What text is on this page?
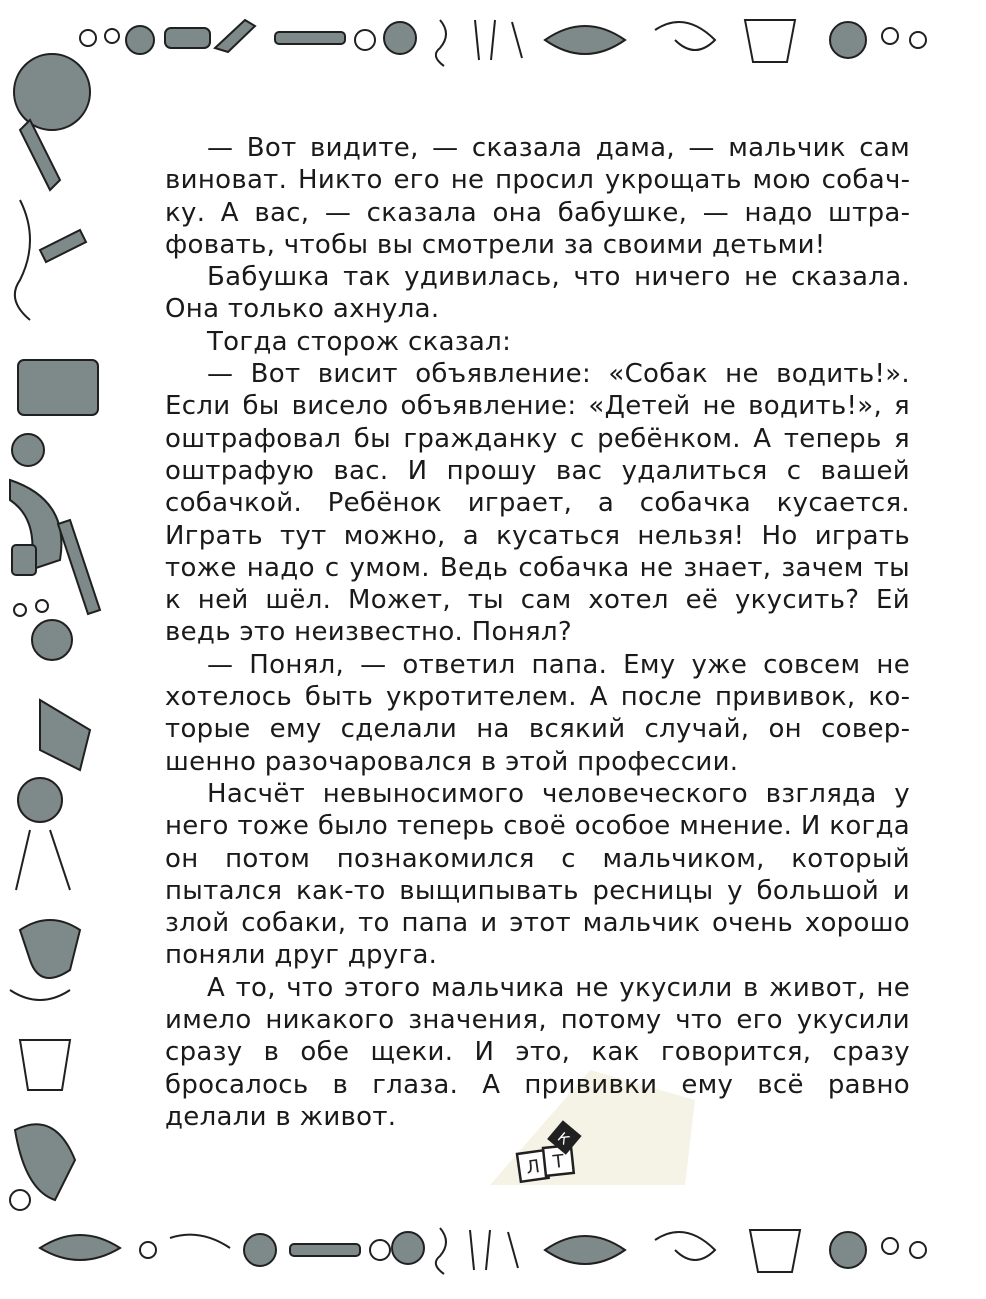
Л Т
К

— Вот видите, — сказала дама, — мальчик сам виноват. Никто его не просил укрощать мою собачку. А вас, — сказала она бабушке, — надо штрафовать, чтобы вы смотрели за своими детьми!

Бабушка так удивилась, что ничего не сказала. Она только ахнула.

Тогда сторож сказал:

— Вот висит объявление: «Собак не водить!». Если бы висело объявление: «Детей не водить!», я оштрафовал бы гражданку с ребёнком. А теперь я оштрафую вас. И прошу вас удалиться с вашей собачкой. Ребёнок играет, а собачка кусается. Играть тут можно, а кусаться нельзя! Но играть тоже надо с умом. Ведь собачка не знает, зачем ты к ней шёл. Может, ты сам хотел её укусить? Ей ведь это неизвестно. Понял?

— Понял, — ответил папа. Ему уже совсем не хотелось быть укротителем. А после прививок, которые ему сделали на всякий случай, он совершенно разочаровался в этой профессии.

Насчёт невыносимого человеческого взгляда у него тоже было теперь своё особое мнение. И когда он потом познакомился с мальчиком, который пытался как-то выщипывать ресницы у большой и злой собаки, то папа и этот мальчик очень хорошо поняли друг друга.

А то, что этого мальчика не укусили в живот, не имело никакого значения, потому что его укусили сразу в обе щеки. И это, как говорится, сразу бросалось в глаза. А прививки ему всё равно делали в живот.
